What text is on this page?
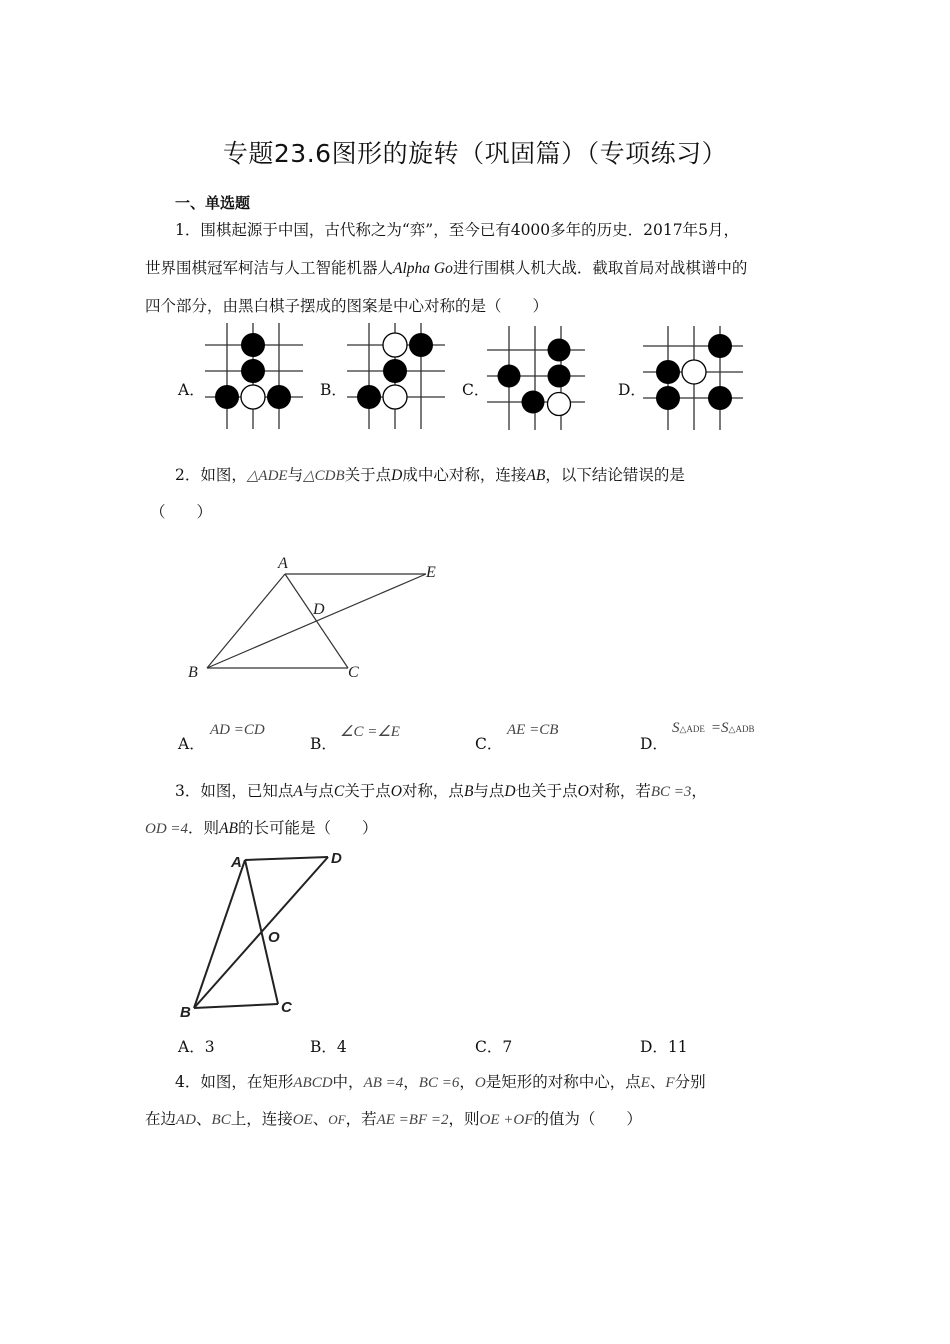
专题23.6图形的旋转（巩固篇）（专项练习）
一、单选题
1．围棋起源于中国，古代称之为“弈”，至今已有4000多年的历史．2017年5月，
世界围棋冠军柯洁与人工智能机器人Alpha Go进行围棋人机大战．截取首局对战棋谱中的
四个部分，由黑白棋子摆成的图案是中心对称的是（　　）
A．	B．	C．	D．
2．如图，△ADE与△CDB关于点D成中心对称，连接AB，以下结论错误的是
（　　）
A
E
D
B	C
A．
AD =CD
B．
∠C =∠E
C．
AE =CB
D．
S△ADE =S△ADB
3．如图，已知点A与点C关于点O对称，点B与点D也关于点O对称，若BC =3，
OD =4．则AB的长可能是（　　）
A	D
O
B	C
A．3	B．4	C．7	D．11
4．如图，在矩形ABCD中，AB =4，BC =6，O是矩形的对称中心，点E、F分别
在边AD、BC上，连接OE、OF，若AE =BF =2，则OE +OF的值为（　　）
